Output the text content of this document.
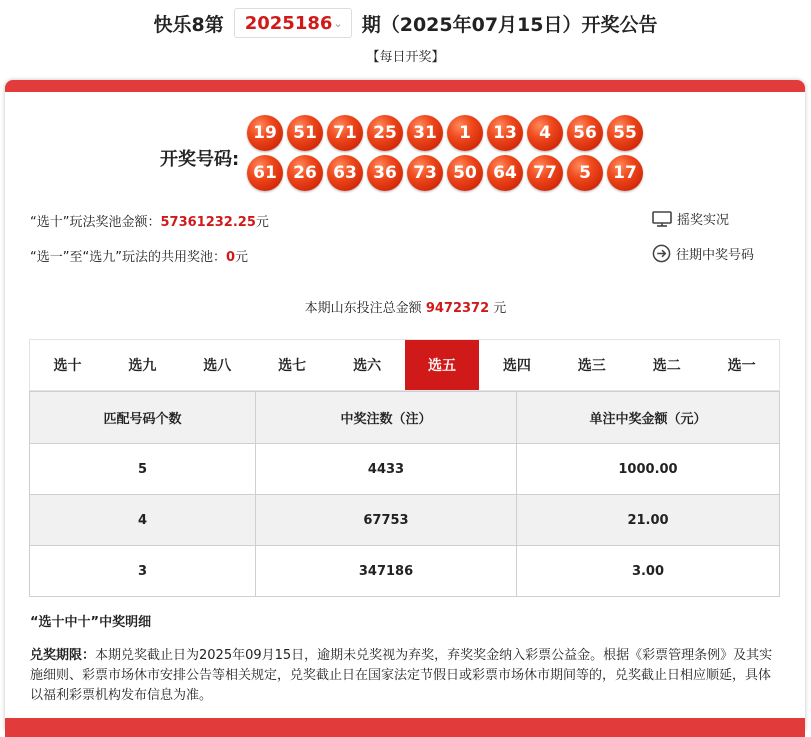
快乐8第 2025186 ⌄ 期（2025年07月15日）开奖公告
【每日开奖】
开奖号码:
19 51 71 25 31	1	13	4	56 55
61 26 63 36 73 50 64 77	5	17
“选十”玩法奖池金额：57361232.25元
“选一”至“选九”玩法的共用奖池：0元
摇奖实况
往期中奖号码
本期山东投注总金额 9472372 元
选十	选九	选八	选七	选六	选五	选四	选三	选二	选一
匹配号码个数	中奖注数（注）	单注中奖金额（元）
5	4433	1000.00
4	67753	21.00
3	347186	3.00
“选十中十”中奖明细
兑奖期限：本期兑奖截止日为2025年09月15日，逾期未兑奖视为弃奖，弃奖奖金纳入彩票公益金。根据《彩票管理条例》及其实施细则、彩票市场休市安排公告等相关规定，兑奖截止日在国家法定节假日或彩票市场休市期间等的，兑奖截止日相应顺延，具体以福利彩票机构发布信息为准。
